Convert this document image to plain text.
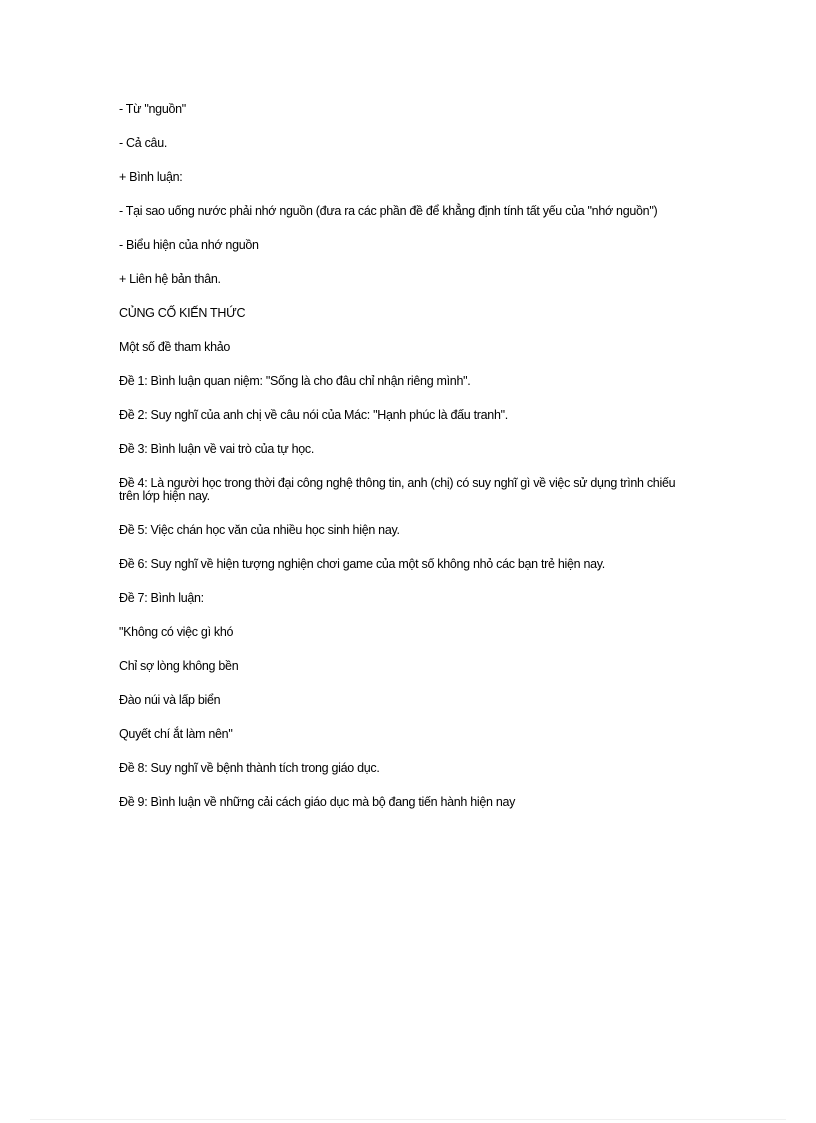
- Từ "nguồn"

- Cả câu.

+ Bình luận:

- Tại sao uống nước phải nhớ nguồn (đưa ra các phần đề để khẳng định tính tất yếu của "nhớ nguồn")

- Biểu hiện của nhớ nguồn

+ Liên hệ bản thân.

CỦNG CỐ KIẾN THỨC

Một số đề tham khảo

Đề 1: Bình luận quan niệm: "Sống là cho đâu chỉ nhận riêng mình".

Đề 2: Suy nghĩ của anh chị về câu nói của Mác: "Hạnh phúc là đấu tranh".

Đề 3: Bình luận về vai trò của tự học.

Đề 4: Là người học trong thời đại công nghệ thông tin, anh (chị) có suy nghĩ gì về việc sử dụng trình chiếu trên lớp hiện nay.

Đề 5: Việc chán học văn của nhiều học sinh hiện nay.

Đề 6: Suy nghĩ về hiện tượng nghiện chơi game của một số không nhỏ các bạn trẻ hiện nay.

Đề 7: Bình luận:

"Không có việc gì khó

Chỉ sợ lòng không bền

Đào núi và lấp biển

Quyết chí ắt làm nên"

Đề 8: Suy nghĩ về bệnh thành tích trong giáo dục.

Đề 9: Bình luận về những cải cách giáo dục mà bộ đang tiến hành hiện nay
